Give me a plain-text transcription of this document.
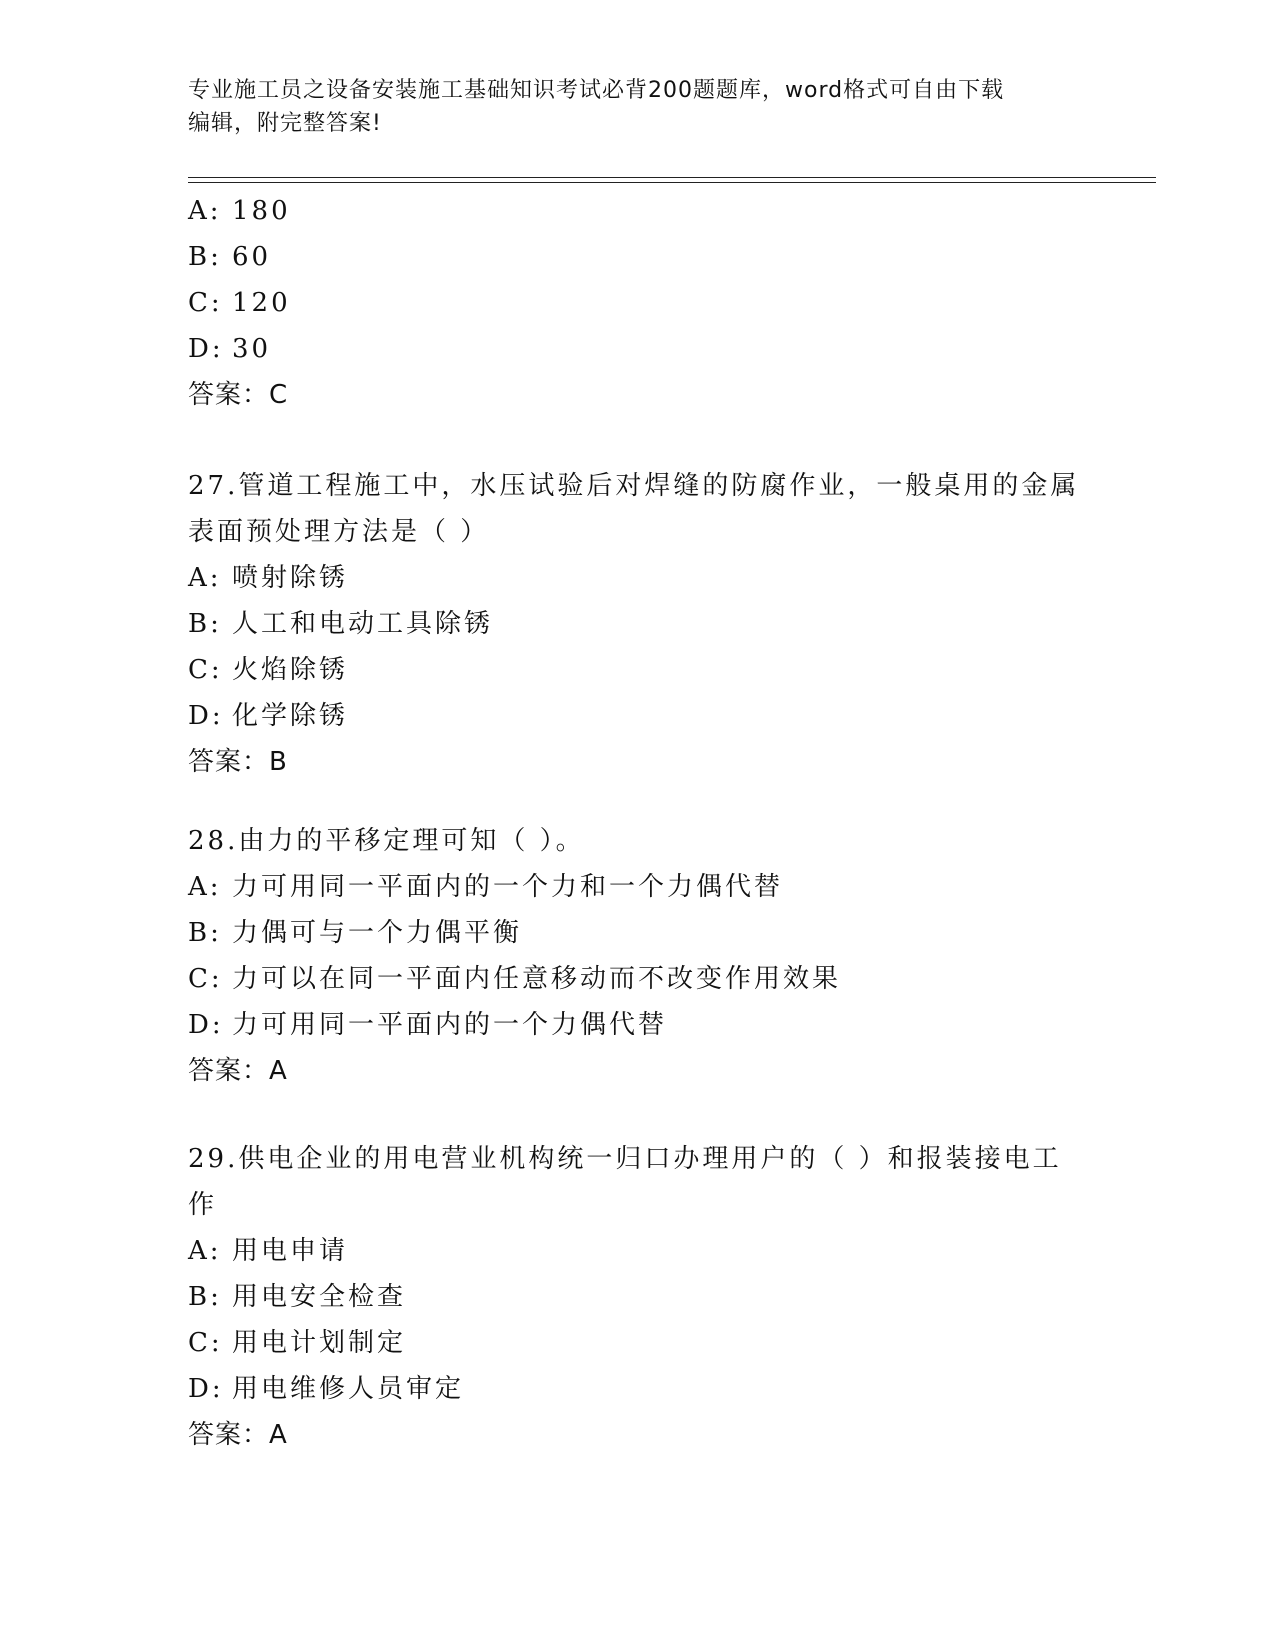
专业施工员之设备安装施工基础知识考试必背200题题库，word格式可自由下载
编辑，附完整答案!
A: 180
B: 60
C: 120
D: 30
答案：C
27.管道工程施工中，水压试验后对焊缝的防腐作业，一般桌用的金属
表面预处理方法是（ ）
A: 喷射除锈
B: 人工和电动工具除锈
C: 火焰除锈
D: 化学除锈
答案：B
28.由力的平移定理可知（ ）。
A: 力可用同一平面内的一个力和一个力偶代替
B: 力偶可与一个力偶平衡
C: 力可以在同一平面内任意移动而不改变作用效果
D: 力可用同一平面内的一个力偶代替
答案：A
29.供电企业的用电营业机构统一归口办理用户的（ ）和报装接电工
作
A: 用电申请
B: 用电安全检查
C: 用电计划制定
D: 用电维修人员审定
答案：A
